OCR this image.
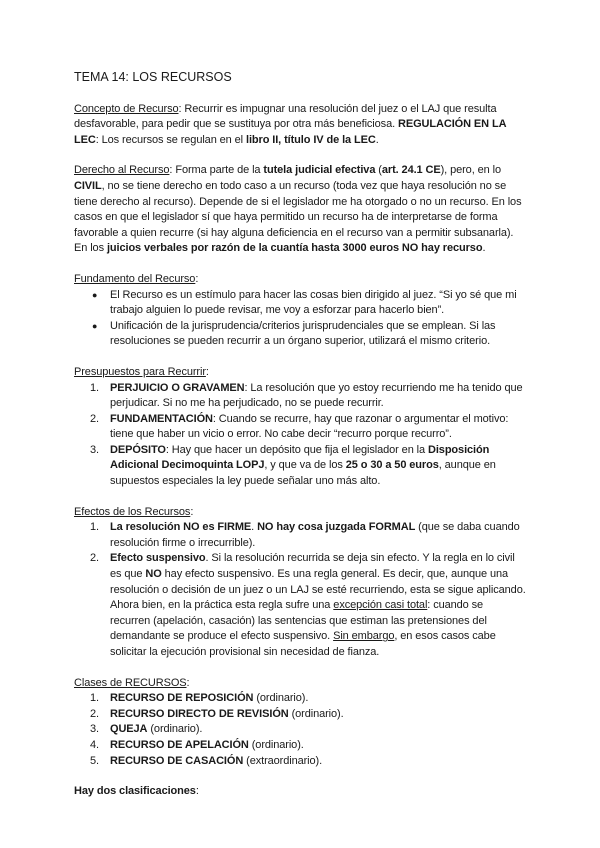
TEMA 14: LOS RECURSOS

Concepto de Recurso: Recurrir es impugnar una resolución del juez o el LAJ que resulta desfavorable, para pedir que se sustituya por otra más beneficiosa. REGULACIÓN EN LA LEC: Los recursos se regulan en el libro II, título IV de la LEC.

Derecho al Recurso: Forma parte de la tutela judicial efectiva (art. 24.1 CE), pero, en lo CIVIL, no se tiene derecho en todo caso a un recurso (toda vez que haya resolución no se tiene derecho al recurso). Depende de si el legislador me ha otorgado o no un recurso. En los casos en que el legislador sí que haya permitido un recurso ha de interpretarse de forma favorable a quien recurre (si hay alguna deficiencia en el recurso van a permitir subsanarla). En los juicios verbales por razón de la cuantía hasta 3000 euros NO hay recurso.

Fundamento del Recurso:

● El Recurso es un estímulo para hacer las cosas bien dirigido al juez. “Si yo sé que mi trabajo alguien lo puede revisar, me voy a esforzar para hacerlo bien”.
● Unificación de la jurisprudencia/criterios jurisprudenciales que se emplean. Si las resoluciones se pueden recurrir a un órgano superior, utilizará el mismo criterio.

Presupuestos para Recurrir:

1. PERJUICIO O GRAVAMEN: La resolución que yo estoy recurriendo me ha tenido que perjudicar. Si no me ha perjudicado, no se puede recurrir.
2. FUNDAMENTACIÓN: Cuando se recurre, hay que razonar o argumentar el motivo: tiene que haber un vicio o error. No cabe decir “recurro porque recurro”.
3. DEPÓSITO: Hay que hacer un depósito que fija el legislador en la Disposición Adicional Decimoquinta LOPJ, y que va de los 25 o 30 a 50 euros, aunque en supuestos especiales la ley puede señalar uno más alto.

Efectos de los Recursos:

1. La resolución NO es FIRME. NO hay cosa juzgada FORMAL (que se daba cuando resolución firme o irrecurrible).
2. Efecto suspensivo. Si la resolución recurrida se deja sin efecto. Y la regla en lo civil es que NO hay efecto suspensivo. Es una regla general. Es decir, que, aunque una resolución o decisión de un juez o un LAJ se esté recurriendo, esta se sigue aplicando. Ahora bien, en la práctica esta regla sufre una excepción casi total: cuando se recurren (apelación, casación) las sentencias que estiman las pretensiones del demandante se produce el efecto suspensivo. Sin embargo, en esos casos cabe solicitar la ejecución provisional sin necesidad de fianza.

Clases de RECURSOS:

1. RECURSO DE REPOSICIÓN (ordinario).
2. RECURSO DIRECTO DE REVISIÓN (ordinario).
3. QUEJA (ordinario).
4. RECURSO DE APELACIÓN (ordinario).
5. RECURSO DE CASACIÓN (extraordinario).

Hay dos clasificaciones:
